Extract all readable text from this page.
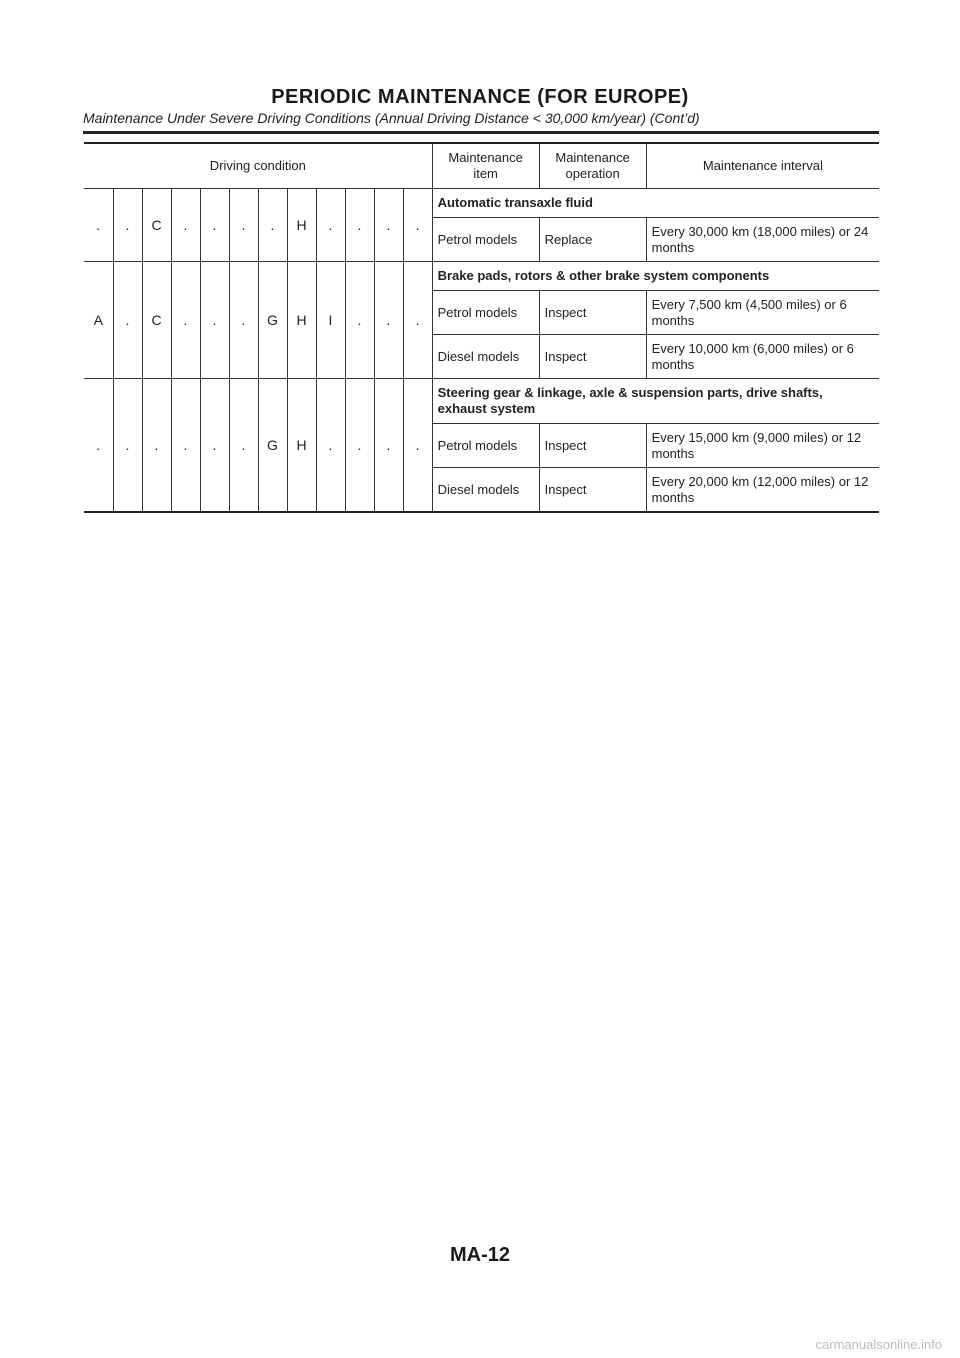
PERIODIC MAINTENANCE (FOR EUROPE)
Maintenance Under Severe Driving Conditions (Annual Driving Distance < 30,000 km/year) (Cont’d)
Driving condition												Maintenance item	Maintenance operation	Maintenance interval
.	.	C	.	.	.	.	H	.	.	.	.	Automatic transaxle fluid		
												Petrol models	Replace	Every 30,000 km (18,000 miles) or 24 months
A	.	C	.	.	.	G	H	I	.	.	.	Brake pads, rotors & other brake system components		
												Petrol models	Inspect	Every 7,500 km (4,500 miles) or 6 months
												Diesel models	Inspect	Every 10,000 km (6,000 miles) or 6 months
.	.	.	.	.	.	G	H	.	.	.	.	Steering gear & linkage, axle & suspension parts, drive shafts, exhaust system		
												Petrol models	Inspect	Every 15,000 km (9,000 miles) or 12 months
												Diesel models	Inspect	Every 20,000 km (12,000 miles) or 12 months
MA-12
carmanualsonline.info
